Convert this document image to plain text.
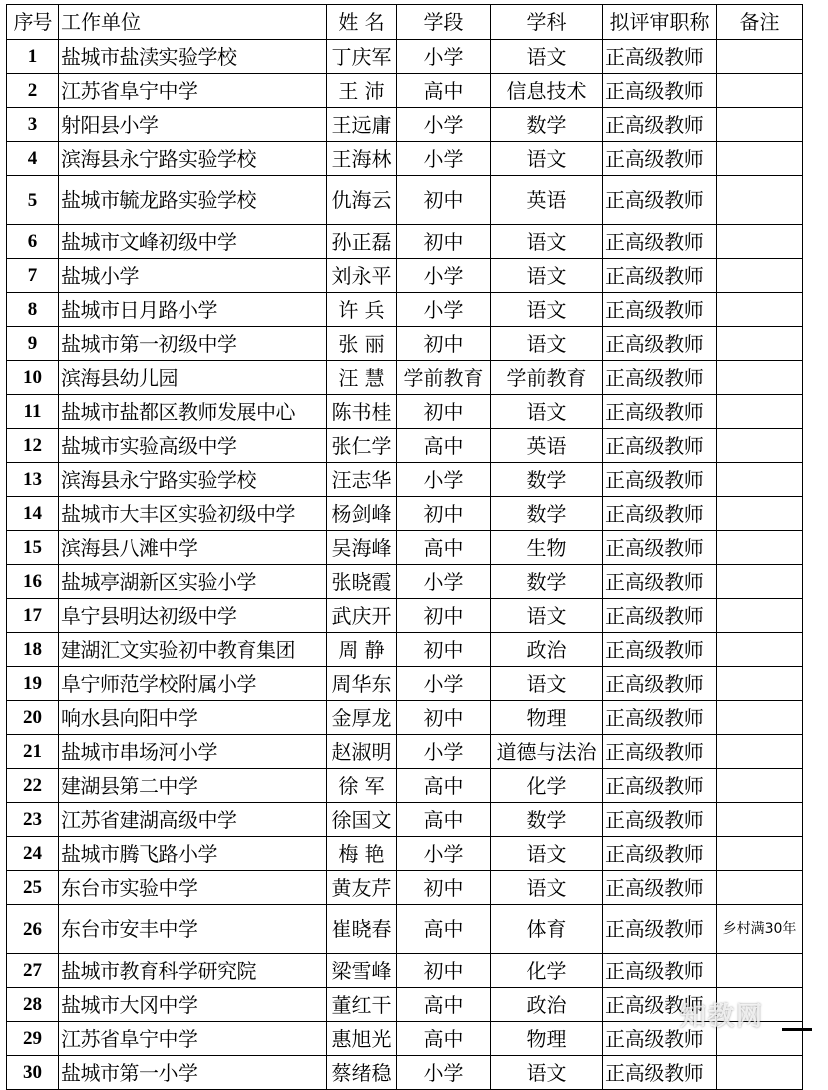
序号	工作单位	姓 名	学段	学科	拟评审职称	备注
1	盐城市盐渎实验学校	丁庆军	小学	语文	正高级教师	
2	江苏省阜宁中学	王 沛	高中	信息技术	正高级教师	
3	射阳县小学	王远庸	小学	数学	正高级教师	
4	滨海县永宁路实验学校	王海林	小学	语文	正高级教师	
5	盐城市毓龙路实验学校	仇海云	初中	英语	正高级教师	
6	盐城市文峰初级中学	孙正磊	初中	语文	正高级教师	
7	盐城小学	刘永平	小学	语文	正高级教师	
8	盐城市日月路小学	许 兵	小学	语文	正高级教师	
9	盐城市第一初级中学	张 丽	初中	语文	正高级教师	
10	滨海县幼儿园	汪 慧	学前教育	学前教育	正高级教师	
11	盐城市盐都区教师发展中心	陈书桂	初中	语文	正高级教师	
12	盐城市实验高级中学	张仁学	高中	英语	正高级教师	
13	滨海县永宁路实验学校	汪志华	小学	数学	正高级教师	
14	盐城市大丰区实验初级中学	杨剑峰	初中	数学	正高级教师	
15	滨海县八滩中学	吴海峰	高中	生物	正高级教师	
16	盐城亭湖新区实验小学	张晓霞	小学	数学	正高级教师	
17	阜宁县明达初级中学	武庆开	初中	语文	正高级教师	
18	建湖汇文实验初中教育集团	周 静	初中	政治	正高级教师	
19	阜宁师范学校附属小学	周华东	小学	语文	正高级教师	
20	响水县向阳中学	金厚龙	初中	物理	正高级教师	
21	盐城市串场河小学	赵淑明	小学	道德与法治	正高级教师	
22	建湖县第二中学	徐 军	高中	化学	正高级教师	
23	江苏省建湖高级中学	徐国文	高中	数学	正高级教师	
24	盐城市腾飞路小学	梅 艳	小学	语文	正高级教师	
25	东台市实验中学	黄友芹	初中	语文	正高级教师	
26	东台市安丰中学	崔晓春	高中	体育	正高级教师	乡村满30年
27	盐城市教育科学研究院	梁雪峰	初中	化学	正高级教师	
28	盐城市大冈中学	董红干	高中	政治	正高级教师	
29	江苏省阜宁中学	惠旭光	高中	物理	正高级教师	
30	盐城市第一小学	蔡绪稳	小学	语文	正高级教师	
知教网
